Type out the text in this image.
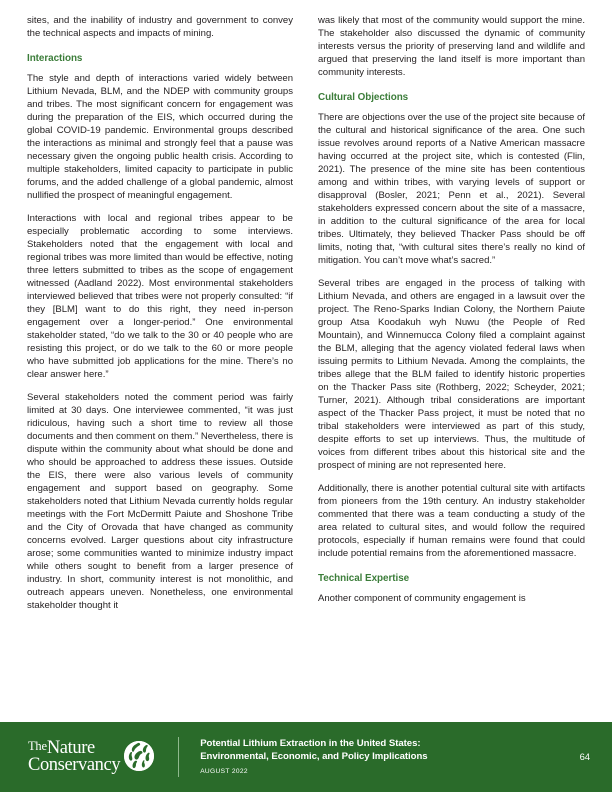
sites, and the inability of industry and government to convey the technical aspects and impacts of mining.

Interactions

The style and depth of interactions varied widely between Lithium Nevada, BLM, and the NDEP with community groups and tribes. The most significant concern for engagement was during the preparation of the EIS, which occurred during the global COVID-19 pandemic. Environmental groups described the interactions as minimal and strongly feel that a pause was necessary given the ongoing public health crisis. According to multiple stakeholders, limited capacity to participate in public forums, and the added challenge of a global pandemic, almost nullified the prospect of meaningful engagement.

Interactions with local and regional tribes appear to be especially problematic according to some interviews. Stakeholders noted that the engagement with local and regional tribes was more limited than would be effective, noting three letters submitted to tribes as the scope of engagement witnessed (Aadland 2022). Most environmental stakeholders interviewed believed that tribes were not properly consulted: “if they [BLM] want to do this right, they need in-person engagement over a longer-period.” One environmental stakeholder stated, “do we talk to the 30 or 40 people who are resisting this project, or do we talk to the 60 or more people who have submitted job applications for the mine. There’s no clear answer here.”

Several stakeholders noted the comment period was fairly limited at 30 days. One interviewee commented, “it was just ridiculous, having such a short time to review all those documents and then comment on them.” Nevertheless, there is dispute within the community about what should be done and who should be approached to address these issues. Outside the EIS, there were also various levels of community engagement and support based on geography. Some stakeholders noted that Lithium Nevada currently holds regular meetings with the Fort McDermitt Paiute and Shoshone Tribe and the City of Orovada that have changed as community concerns evolved. Larger questions about city infrastructure arose; some communities wanted to minimize industry impact while others sought to benefit from a larger presence of industry. In short, community interest is not monolithic, and outreach appears uneven. Nonetheless, one environmental stakeholder thought it

was likely that most of the community would support the mine. The stakeholder also discussed the dynamic of community interests versus the priority of preserving land and wildlife and argued that preserving the land itself is more important than community interests.

Cultural Objections

There are objections over the use of the project site because of the cultural and historical significance of the area. One such issue revolves around reports of a Native American massacre having occurred at the project site, which is contested (Flin, 2021). The presence of the mine site has been contentious among and within tribes, with varying levels of support or disapproval (Bosler, 2021; Penn et al., 2021). Several stakeholders expressed concern about the site of a massacre, in addition to the cultural significance of the area for local tribes. Ultimately, they believed Thacker Pass should be off limits, noting that, “with cultural sites there’s really no kind of mitigation. You can’t move what’s sacred.”

Several tribes are engaged in the process of talking with Lithium Nevada, and others are engaged in a lawsuit over the project. The Reno-Sparks Indian Colony, the Northern Paiute group Atsa Koodakuh wyh Nuwu (the People of Red Mountain), and Winnemucca Colony filed a complaint against the BLM, alleging that the agency violated federal laws when issuing permits to Lithium Nevada. Among the complaints, the tribes allege that the BLM failed to identify historic properties on the Thacker Pass site (Rothberg, 2022; Scheyder, 2021; Turner, 2021). Although tribal considerations are important aspect of the Thacker Pass project, it must be noted that no tribal stakeholders were interviewed as part of this study, despite efforts to set up interviews. Thus, the multitude of voices from different tribes about this historical site and the prospect of mining are not represented here.

Additionally, there is another potential cultural site with artifacts from pioneers from the 19th century. An industry stakeholder commented that there was a team conducting a study of the area related to cultural sites, and would follow the required protocols, especially if human remains were found that could include potential remains from the aforementioned massacre.

Technical Expertise

Another component of community engagement is

TheNature
Conservancy
Potential Lithium Extraction in the United States:
Environmental, Economic, and Policy Implications
AUGUST 2022
64
